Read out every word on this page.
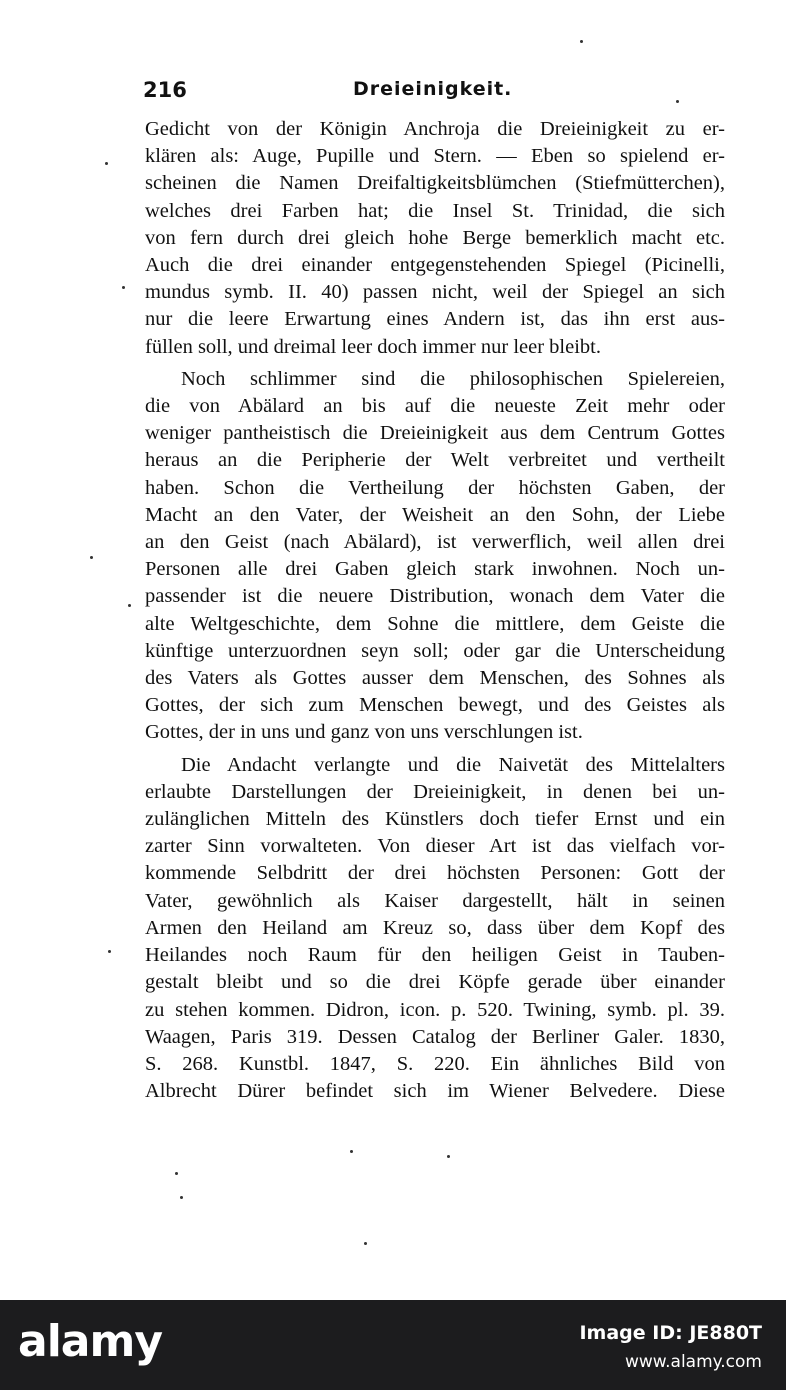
216	Dreieinigkeit.
Gedicht von der Königin Anchroja die Dreieinigkeit zu er-
klären als: Auge, Pupille und Stern. — Eben so spielend er-
scheinen die Namen Dreifaltigkeitsblümchen (Stiefmütterchen),
welches drei Farben hat; die Insel St. Trinidad, die sich
von fern durch drei gleich hohe Berge bemerklich macht etc.
Auch die drei einander entgegenstehenden Spiegel (Picinelli,
mundus symb. II. 40) passen nicht, weil der Spiegel an sich
nur die leere Erwartung eines Andern ist, das ihn erst aus-
füllen soll, und dreimal leer doch immer nur leer bleibt.
Noch schlimmer sind die philosophischen Spielereien,
die von Abälard an bis auf die neueste Zeit mehr oder
weniger pantheistisch die Dreieinigkeit aus dem Centrum Gottes
heraus an die Peripherie der Welt verbreitet und vertheilt
haben. Schon die Vertheilung der höchsten Gaben, der
Macht an den Vater, der Weisheit an den Sohn, der Liebe
an den Geist (nach Abälard), ist verwerflich, weil allen drei
Personen alle drei Gaben gleich stark inwohnen. Noch un-
passender ist die neuere Distribution, wonach dem Vater die
alte Weltgeschichte, dem Sohne die mittlere, dem Geiste die
künftige unterzuordnen seyn soll; oder gar die Unterscheidung
des Vaters als Gottes ausser dem Menschen, des Sohnes als
Gottes, der sich zum Menschen bewegt, und des Geistes als
Gottes, der in uns und ganz von uns verschlungen ist.
Die Andacht verlangte und die Naivetät des Mittelalters
erlaubte Darstellungen der Dreieinigkeit, in denen bei un-
zulänglichen Mitteln des Künstlers doch tiefer Ernst und ein
zarter Sinn vorwalteten. Von dieser Art ist das vielfach vor-
kommende Selbdritt der drei höchsten Personen: Gott der
Vater, gewöhnlich als Kaiser dargestellt, hält in seinen
Armen den Heiland am Kreuz so, dass über dem Kopf des
Heilandes noch Raum für den heiligen Geist in Tauben-
gestalt bleibt und so die drei Köpfe gerade über einander
zu stehen kommen. Didron, icon. p. 520. Twining, symb. pl. 39.
Waagen, Paris 319. Dessen Catalog der Berliner Galer. 1830,
S. 268. Kunstbl. 1847, S. 220. Ein ähnliches Bild von
Albrecht Dürer befindet sich im Wiener Belvedere. Diese
alamy	Image ID: JE880T
www.alamy.com
